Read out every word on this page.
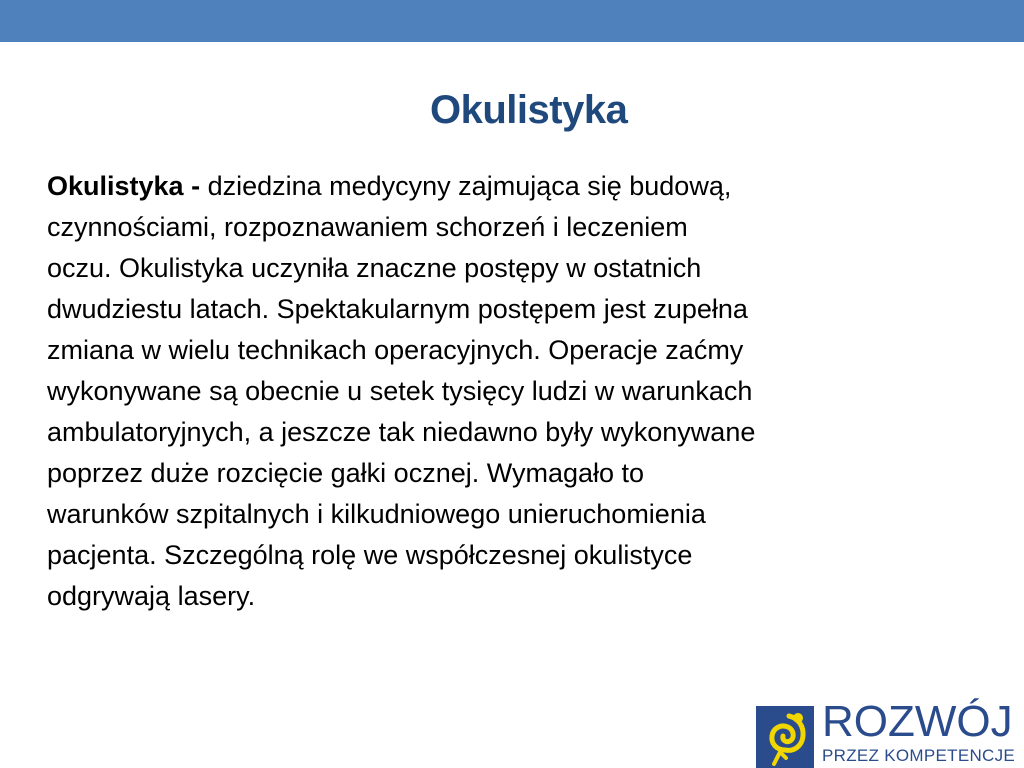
Okulistyka
Okulistyka - dziedzina medycyny zajmująca się budową,
czynnościami, rozpoznawaniem schorzeń i leczeniem
oczu. Okulistyka uczyniła znaczne postępy w ostatnich
dwudziestu latach. Spektakularnym postępem jest zupełna
zmiana w wielu technikach operacyjnych. Operacje zaćmy
wykonywane są obecnie u setek tysięcy ludzi w warunkach
ambulatoryjnych, a jeszcze tak niedawno były wykonywane
poprzez duże rozcięcie gałki ocznej. Wymagało to
warunków szpitalnych i kilkudniowego unieruchomienia
pacjenta. Szczególną rolę we współczesnej okulistyce
odgrywają lasery.
ROZWÓJ
PRZEZ KOMPETENCJE
